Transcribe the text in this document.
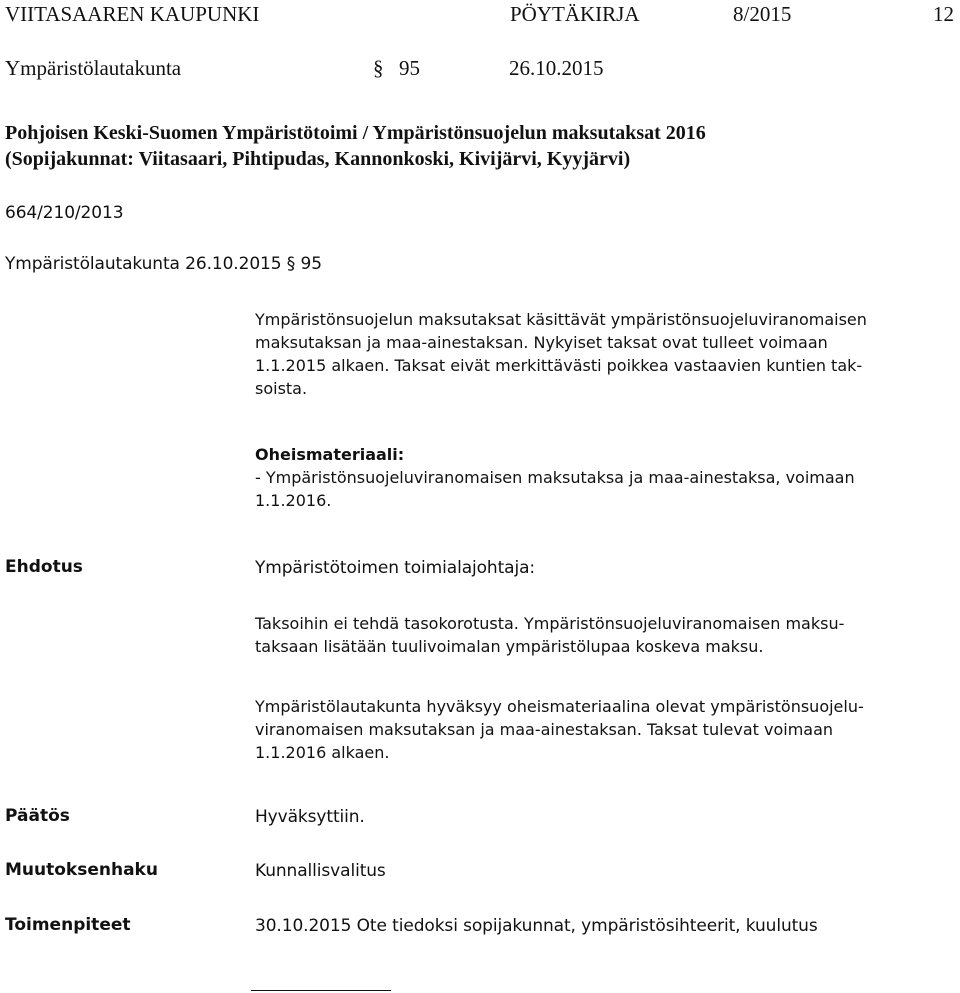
VIITASAAREN KAUPUNKI	PÖYTÄKIRJA	8/2015	12
Ympäristölautakunta	§ 95	26.10.2015
Pohjoisen Keski-Suomen Ympäristötoimi / Ympäristönsuojelun maksutaksat 2016
(Sopijakunnat: Viitasaari, Pihtipudas, Kannonkoski, Kivijärvi, Kyyjärvi)
664/210/2013
Ympäristölautakunta 26.10.2015 § 95
Ympäristönsuojelun maksutaksat käsittävät ympäristönsuojeluviranomaisen
maksutaksan ja maa-ainestaksan. Nykyiset taksat ovat tulleet voimaan
1.1.2015 alkaen. Taksat eivät merkittävästi poikkea vastaavien kuntien tak-
soista.
Oheismateriaali:
- Ympäristönsuojeluviranomaisen maksutaksa ja maa-ainestaksa, voimaan
1.1.2016.
Ehdotus	Ympäristötoimen toimialajohtaja:
Taksoihin ei tehdä tasokorotusta. Ympäristönsuojeluviranomaisen maksu-
taksaan lisätään tuulivoimalan ympäristölupaa koskeva maksu.
Ympäristölautakunta hyväksyy oheismateriaalina olevat ympäristönsuojelu-
viranomaisen maksutaksan ja maa-ainestaksan. Taksat tulevat voimaan
1.1.2016 alkaen.
Päätös	Hyväksyttiin.
Muutoksenhaku	Kunnallisvalitus
Toimenpiteet	30.10.2015 Ote tiedoksi sopijakunnat, ympäristösihteerit, kuulutus
